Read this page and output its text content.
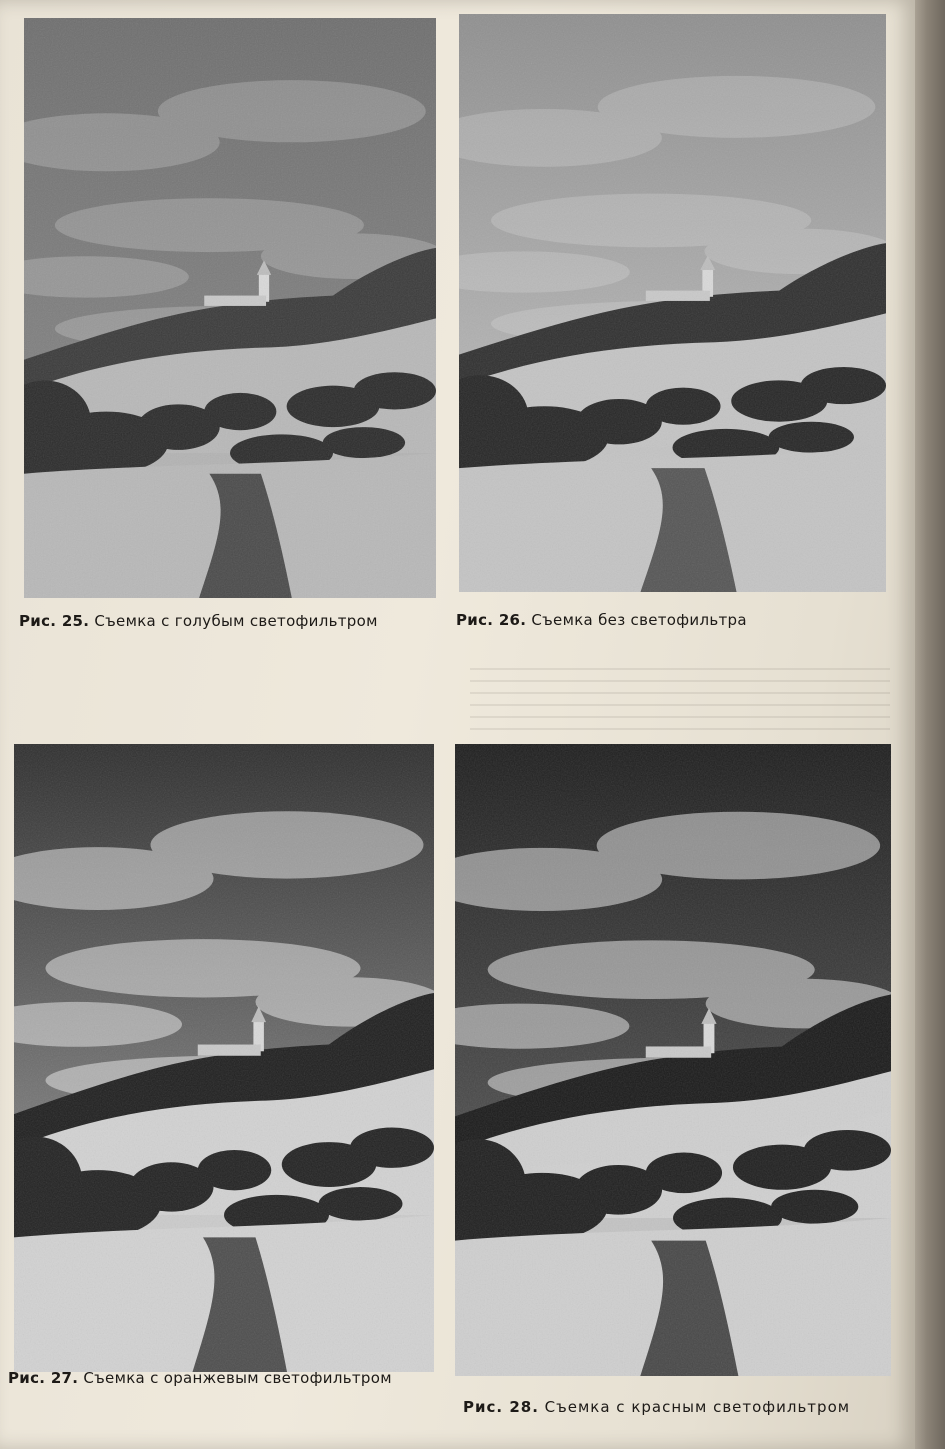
Рис. 25. Съемка с голубым светофильтром	Рис. 26. Съемка без светофильтра
Рис. 27. Съемка с оранжевым светофильтром
Рис. 28. Съемка с красным светофильтром
